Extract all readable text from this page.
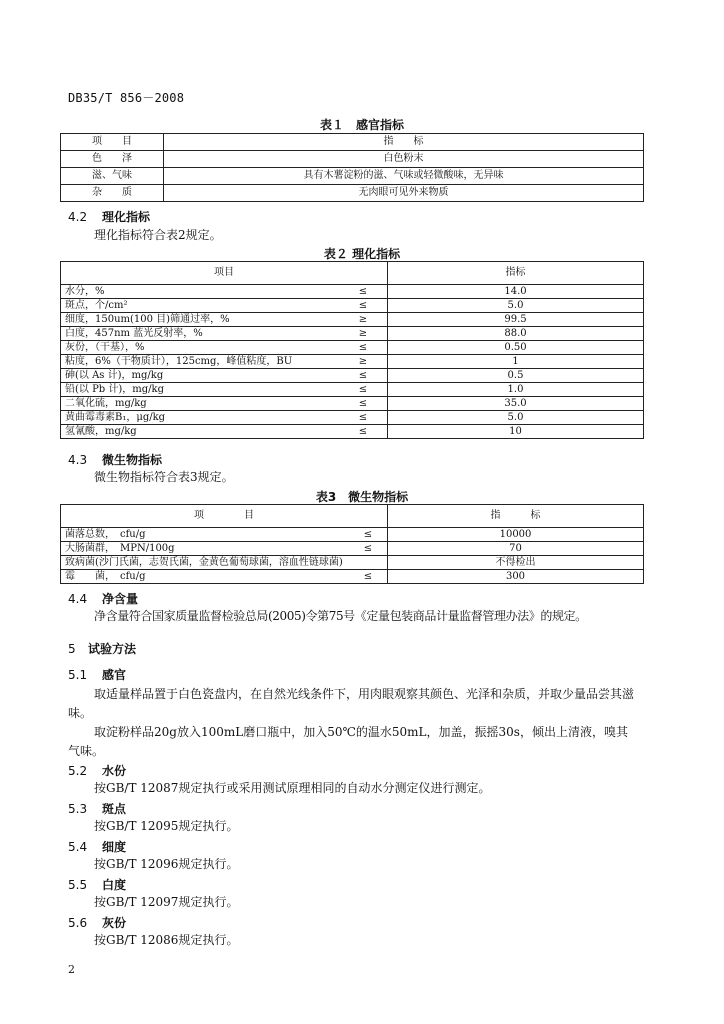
DB35/T 856－2008
表１　感官指标
项　　目	指　　标
色　　泽	白色粉末
滋、气味	具有木薯淀粉的滋、气味或轻微酸味，无异味
杂　　质	无肉眼可见外来物质
4.2 理化指标
理化指标符合表2规定。
表２ 理化指标
项目		指标
水分，%	≤	14.0
斑点，个/cm²	≤	5.0
细度，150um(100 目)筛通过率，%	≥	99.5
白度，457nm 蓝光反射率，%	≥	88.0
灰份，（干基），%	≤	0.50
粘度，6%（干物质计），125cmg，峰值粘度，BU	≥	1
砷(以 As 计)，mg/kg	≤	0.5
铅(以 Pb 计)，mg/kg	≤	1.0
二氧化硫，mg/kg	≤	35.0
黄曲霉毒素B₁，μg/kg	≤	5.0
氢氰酸，mg/kg	≤	10
4.3 微生物指标
微生物指标符合表3规定。
表3　微生物指标
项　　　　目		指　　　标
菌落总数，　cfu/g	≤	10000
大肠菌群，　MPN/100g	≤	70
致病菌(沙门氏菌，志贺氏菌，金黄色葡萄球菌，溶血性链球菌)		不得检出
霉　　菌，　cfu/g	≤	300
4.4 净含量
净含量符合国家质量监督检验总局(2005)令第75号《定量包装商品计量监督管理办法》的规定。
5 试验方法
5.1 感官
取适量样品置于白色瓷盘内，在自然光线条件下，用肉眼观察其颜色、光泽和杂质，并取少量品尝其滋味。
取淀粉样品20g放入100mL磨口瓶中，加入50℃的温水50mL，加盖，振摇30s，倾出上清液，嗅其气味。
5.2 水份
按GB/T 12087规定执行或采用测试原理相同的自动水分测定仪进行测定。
5.3 斑点
按GB/T 12095规定执行。
5.4 细度
按GB/T 12096规定执行。
5.5 白度
按GB/T 12097规定执行。
5.6 灰份
按GB/T 12086规定执行。
2
